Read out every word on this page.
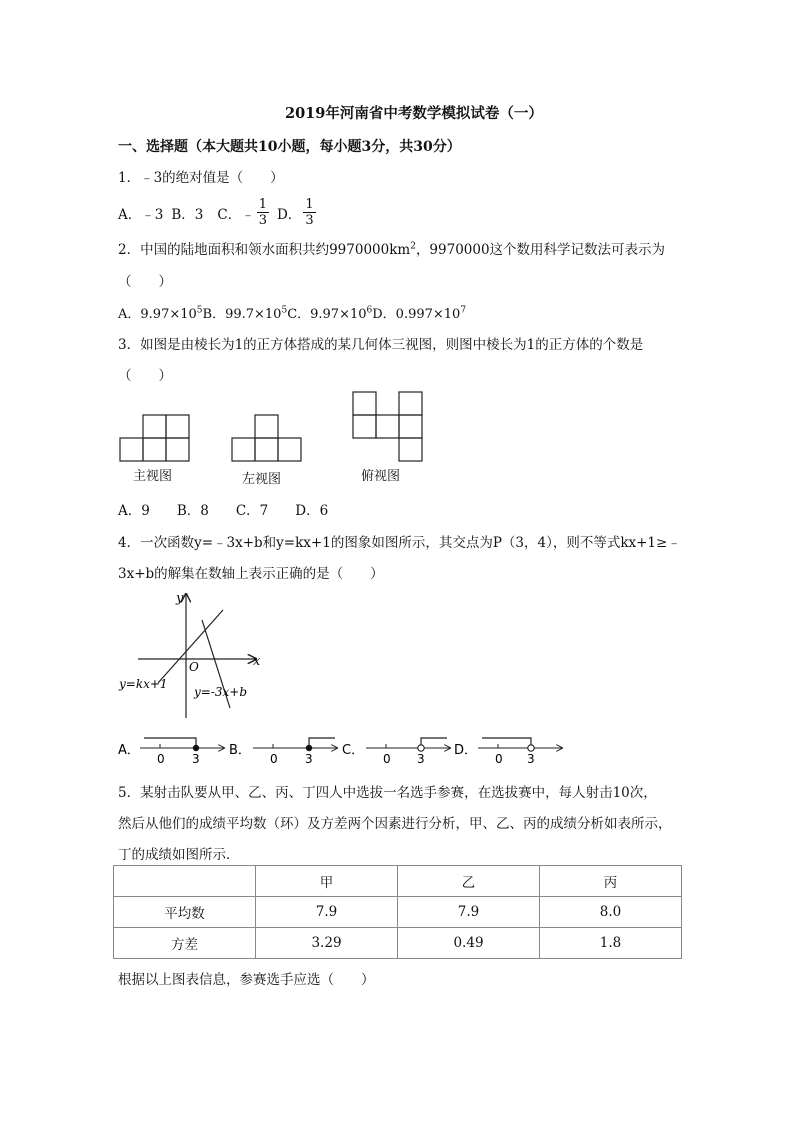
2019年河南省中考数学模拟试卷（一）
一、选择题（本大题共10小题，每小题3分，共30分）
1．﹣3的绝对值是（　　）
A．﹣3 B．3 C．﹣ $\frac{1}{3}$ D． $\frac{1}{3}$
2．中国的陆地面积和领水面积共约$9970000km^2$，9970000这个数用科学记数法可表示为
（　　）
A．$9.97\times 10^5B$．$99.7\times 10^5C$．$9.97\times 10^6D$．$0.997\times 10^7$
3．如图是由棱长为1的正方体搭成的某几何体三视图，则图中棱长为1的正方体的个数是
（　　）
主视图	左视图	俯视图
A．9　　B．8　　C．7　　D．6
4．一次函数y=﹣3x+b和y=kx+1的图象如图所示，其交点为P（3，4），则不等式kx+1≥﹣
3x+b的解集在数轴上表示正确的是（　　）
y
x
O
y=kx+1
y=-3x+b
A．
0 3
B．
0 3
C．
0 3
D．
0 3
5．某射击队要从甲、乙、丙、丁四人中选拔一名选手参赛，在选拔赛中，每人射击10次，
然后从他们的成绩平均数（环）及方差两个因素进行分析，甲、乙、丙的成绩分析如表所示，
丁的成绩如图所示．
	甲	乙	丙
平均数	7.9	7.9	8.0
方差	3.29	0.49	1.8
根据以上图表信息，参赛选手应选（　　）
